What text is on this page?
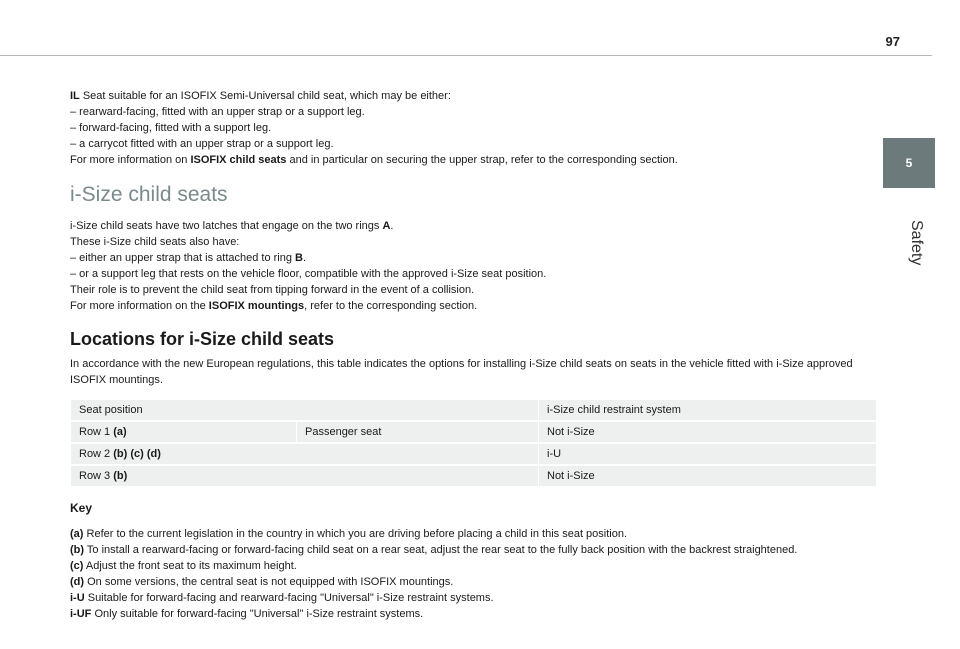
97
5
Safety

IL Seat suitable for an ISOFIX Semi-Universal child seat, which may be either:

– rearward-facing, fitted with an upper strap or a support leg.

– forward-facing, fitted with a support leg.

– a carrycot fitted with an upper strap or a support leg.

For more information on ISOFIX child seats and in particular on securing the upper strap, refer to the corresponding section.

i-Size child seats

i-Size child seats have two latches that engage on the two rings A.

These i-Size child seats also have:

– either an upper strap that is attached to ring B.

– or a support leg that rests on the vehicle floor, compatible with the approved i-Size seat position.

Their role is to prevent the child seat from tipping forward in the event of a collision.

For more information on the ISOFIX mountings, refer to the corresponding section.

Locations for i-Size child seats

In accordance with the new European regulations, this table indicates the options for installing i-Size child seats on seats in the vehicle fitted with i-Size approved ISOFIX mountings.

Seat position		i-Size child restraint system
Row 1 (a)	Passenger seat	Not i-Size
Row 2 (b) (c) (d)		i-U
Row 3 (b)		Not i-Size
Key

(a) Refer to the current legislation in the country in which you are driving before placing a child in this seat position.

(b) To install a rearward-facing or forward-facing child seat on a rear seat, adjust the rear seat to the fully back position with the backrest straightened.

(c) Adjust the front seat to its maximum height.

(d) On some versions, the central seat is not equipped with ISOFIX mountings.

i-U Suitable for forward-facing and rearward-facing "Universal" i-Size restraint systems.

i-UF Only suitable for forward-facing "Universal" i-Size restraint systems.
